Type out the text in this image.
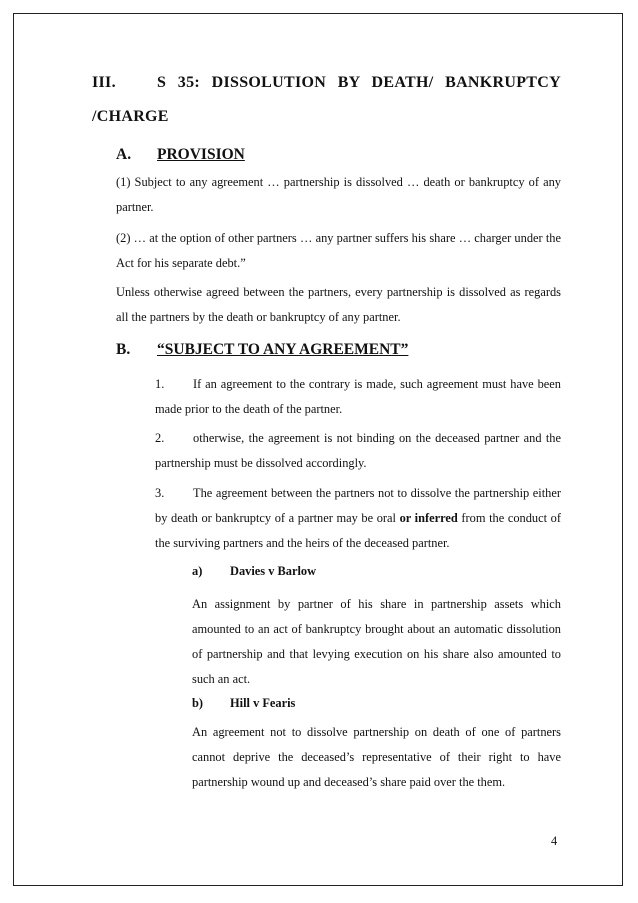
III.	S 35: DISSOLUTION BY DEATH/ BANKRUPTCY
/CHARGE
A. PROVISION
(1) Subject to any agreement … partnership is dissolved … death or bankruptcy of any partner.
(2) … at the option of other partners … any partner suffers his share … charger under the Act for his separate debt.”
Unless otherwise agreed between the partners, every partnership is dissolved as regards all the partners by the death or bankruptcy of any partner.
B. “SUBJECT TO ANY AGREEMENT”
1. If an agreement to the contrary is made, such agreement must have been made prior to the death of the partner.
2. otherwise, the agreement is not binding on the deceased partner and the partnership must be dissolved accordingly.
3. The agreement between the partners not to dissolve the partnership either by death or bankruptcy of a partner may be oral or inferred from the conduct of the surviving partners and the heirs of the deceased partner.
a) Davies v Barlow
An assignment by partner of his share in partnership assets which amounted to an act of bankruptcy brought about an automatic dissolution of partnership and that levying execution on his share also amounted to such an act.
b) Hill v Fearis
An agreement not to dissolve partnership on death of one of partners cannot deprive the deceased’s representative of their right to have partnership wound up and deceased’s share paid over the them.
4
